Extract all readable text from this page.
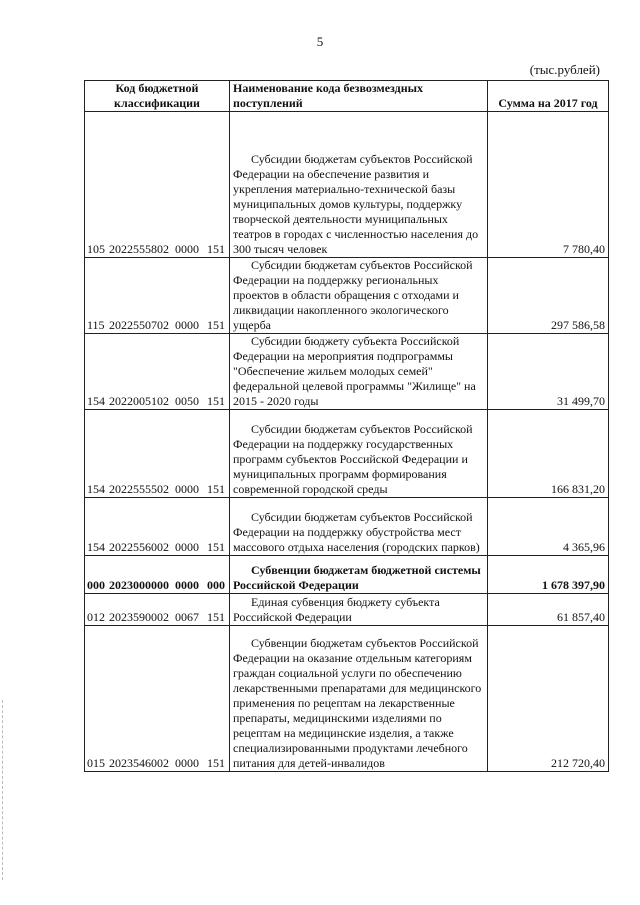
5
(тыс.рублей)
Код бюджетной классификации	Наименование кода безвозмездных поступлений	Сумма на 2017 год
105 2022555802 0000 151	Субсидии бюджетам субъектов Российской Федерации на обеспечение развития и укрепления материально-технической базы муниципальных домов культуры, поддержку творческой деятельности муниципальных театров в городах с численностью населения до 300 тысяч человек	7 780,40
115 2022550702 0000 151	Субсидии бюджетам субъектов Российской Федерации на поддержку региональных проектов в области обращения с отходами и ликвидации накопленного экологического ущерба	297 586,58
154 2022005102 0050 151	Субсидии бюджету субъекта Российской Федерации на мероприятия подпрограммы "Обеспечение жильем молодых семей" федеральной целевой программы "Жилище" на 2015 - 2020 годы	31 499,70
154 2022555502 0000 151	Субсидии бюджетам субъектов Российской Федерации на поддержку государственных программ субъектов Российской Федерации и муниципальных программ формирования современной городской среды	166 831,20
154 2022556002 0000 151	Субсидии бюджетам субъектов Российской Федерации на поддержку обустройства мест массового отдыха населения (городских парков)	4 365,96
000 2023000000 0000 000	Субвенции бюджетам бюджетной системы Российской Федерации	1 678 397,90
012 2023590002 0067 151	Единая субвенция бюджету субъекта Российской Федерации	61 857,40
015 2023546002 0000 151	Субвенции бюджетам субъектов Российской Федерации на оказание отдельным категориям граждан социальной услуги по обеспечению лекарственными препаратами для медицинского применения по рецептам на лекарственные препараты, медицинскими изделиями по рецептам на медицинские изделия, а также специализированными продуктами лечебного питания для детей-инвалидов	212 720,40
